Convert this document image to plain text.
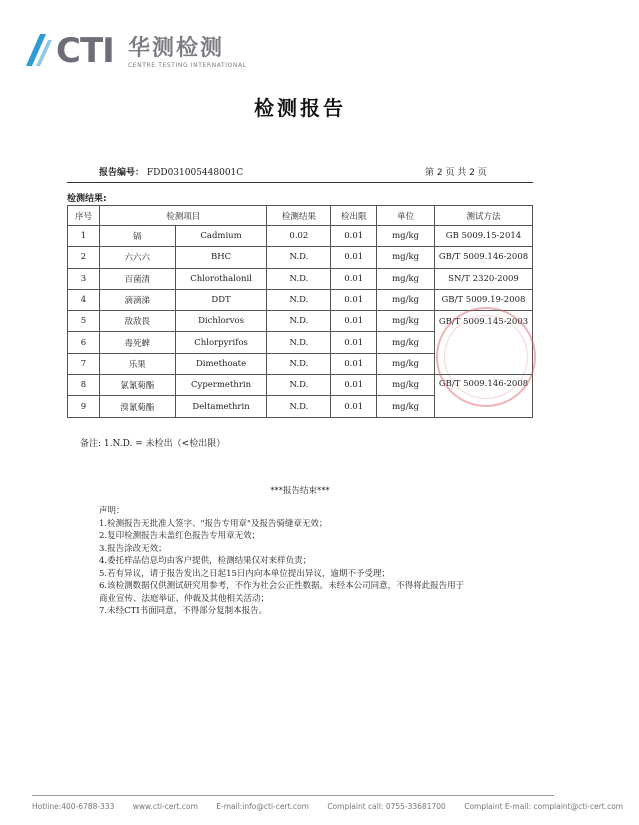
CTI 华测检测
CENTRE TESTING INTERNATIONAL
检测报告
报告编号： FDD031005448001C	第 2 页 共 2 页
检测结果:
序号	检测项目		检测结果	检出限	单位	测试方法
1	镉	Cadmium	0.02	0.01	mg/kg	GB 5009.15-2014
2	六六六	BHC	N.D.	0.01	mg/kg	GB/T 5009.146-2008
3	百菌清	Chlorothalonil	N.D.	0.01	mg/kg	SN/T 2320-2009
4	滴滴涕	DDT	N.D.	0.01	mg/kg	GB/T 5009.19-2008
5	敌敌畏	Dichlorvos	N.D.	0.01	mg/kg	GB/T 5009.145-2003
6	毒死蜱	Chlorpyrifos	N.D.	0.01	mg/kg	
7	乐果	Dimethoate	N.D.	0.01	mg/kg	
8	氯氰菊酯	Cypermethrin	N.D.	0.01	mg/kg	GB/T 5009.146-2008
9	溴氰菊酯	Deltamethrin	N.D.	0.01	mg/kg	
备注: 1.N.D. = 未检出（<检出限）
***报告结束***
声明：
1.检测报告无批准人签字、"报告专用章"及报告骑缝章无效；
2.复印检测报告未盖红色报告专用章无效；
3.报告涂改无效；
4.委托样品信息均由客户提供，检测结果仅对来样负责；
5.若有异议，请于报告发出之日起15日内向本单位提出异议，逾期不予受理；
6.该检测数据仅供测试研究用参考，不作为社会公正性数据。未经本公司同意，不得将此报告用于
商业宣传、法庭举证、仲裁及其他相关活动；
7.未经CTI书面同意，不得部分复制本报告。
Hotline:400-6788-333 www.cti-cert.com E-mail:info@cti-cert.com Complaint call: 0755-33681700 Complaint E-mail: complaint@cti-cert.com
